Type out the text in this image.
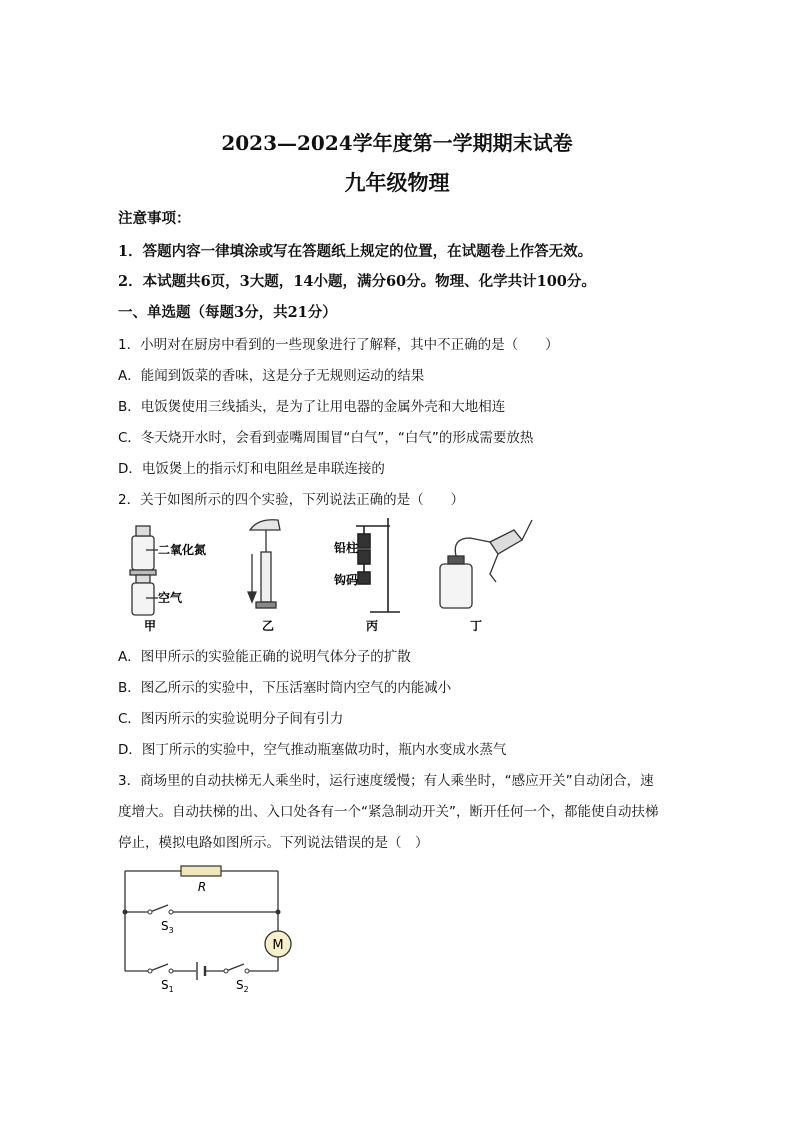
2023—2024学年度第一学期期末试卷
九年级物理
注意事项：
1．答题内容一律填涂或写在答题纸上规定的位置，在试题卷上作答无效。
2．本试题共6页，3大题，14小题，满分60分。物理、化学共计100分。
一、单选题（每题3分，共21分）
1．小明对在厨房中看到的一些现象进行了解释，其中不正确的是（　　）
A．能闻到饭菜的香味，这是分子无规则运动的结果
B．电饭煲使用三线插头，是为了让用电器的金属外壳和大地相连
C．冬天烧开水时，会看到壶嘴周围冒“白气”，“白气”的形成需要放热
D．电饭煲上的指示灯和电阻丝是串联连接的
2．关于如图所示的四个实验，下列说法正确的是（　　）
二氧化氮
空气
铅柱
钩码
甲	乙	丙	丁
A．图甲所示的实验能正确的说明气体分子的扩散
B．图乙所示的实验中，下压活塞时筒内空气的内能减小
C．图丙所示的实验说明分子间有引力
D．图丁所示的实验中，空气推动瓶塞做功时，瓶内水变成水蒸气
3．商场里的自动扶梯无人乘坐时，运行速度缓慢；有人乘坐时，“感应开关”自动闭合，速
度增大。自动扶梯的出、入口处各有一个“紧急制动开关”，断开任何一个，都能使自动扶梯
停止，模拟电路如图所示。下列说法错误的是（　）
M
R
$S_3$
$S_1$	$S_2$
